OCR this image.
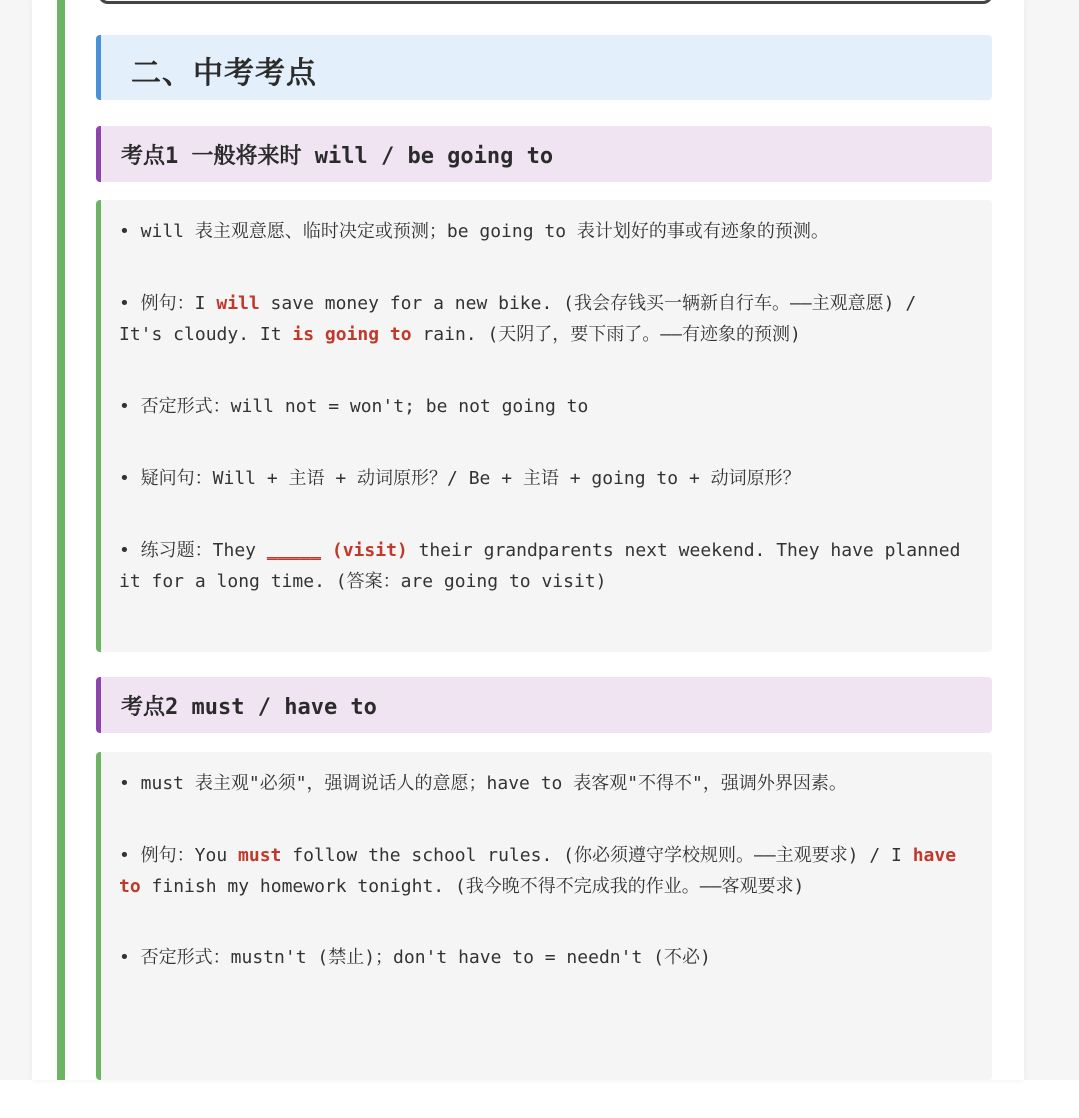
二、中考考点
考点1 一般将来时 will / be going to
• will 表主观意愿、临时决定或预测；be going to 表计划好的事或有迹象的预测。
• 例句：I will save money for a new bike. (我会存钱买一辆新自行车。——主观意愿) / It's cloudy. It is going to rain. (天阴了，要下雨了。——有迹象的预测)
• 否定形式：will not = won't; be not going to
• 疑问句：Will + 主语 + 动词原形？/ Be + 主语 + going to + 动词原形？
• 练习题：They _____ (visit) their grandparents next weekend. They have planned it for a long time. (答案：are going to visit)
考点2 must / have to
• must 表主观"必须"，强调说话人的意愿；have to 表客观"不得不"，强调外界因素。
• 例句：You must follow the school rules. (你必须遵守学校规则。——主观要求) / I have to finish my homework tonight. (我今晚不得不完成我的作业。——客观要求)
• 否定形式：mustn't (禁止)；don't have to = needn't (不必)
